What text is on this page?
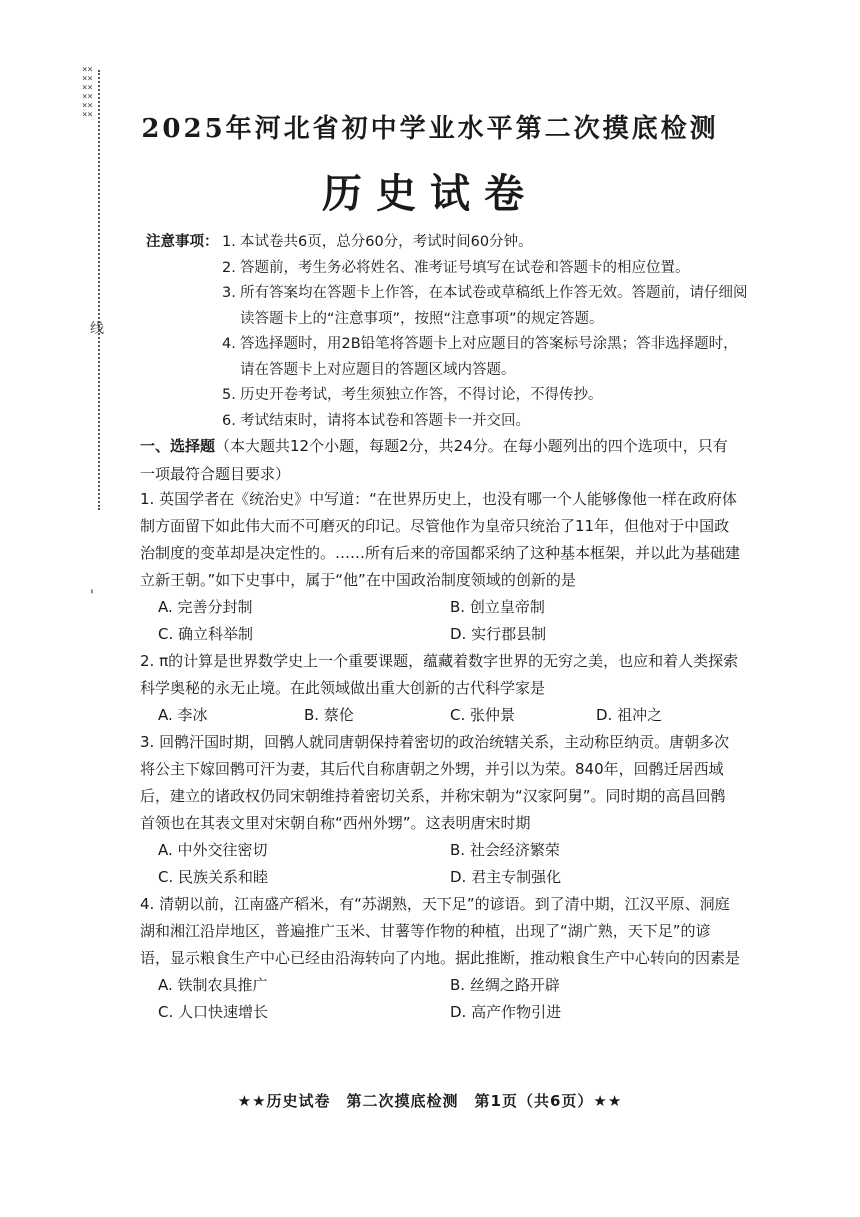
××××××××××××
线
'
2025年河北省初中学业水平第二次摸底检测
历史试卷
注意事项： 1. 本试卷共6页，总分60分，考试时间60分钟。
2. 答题前，考生务必将姓名、准考证号填写在试卷和答题卡的相应位置。
3. 所有答案均在答题卡上作答，在本试卷或草稿纸上作答无效。答题前，请仔细阅读答题卡上的“注意事项”，按照“注意事项”的规定答题。
4. 答选择题时，用2B铅笔将答题卡上对应题目的答案标号涂黑；答非选择题时，请在答题卡上对应题目的答题区域内答题。
5. 历史开卷考试，考生须独立作答，不得讨论，不得传抄。
6. 考试结束时，请将本试卷和答题卡一并交回。
一、选择题（本大题共12个小题，每题2分，共24分。在每小题列出的四个选项中，只有一项最符合题目要求）
1. 英国学者在《统治史》中写道：“在世界历史上，也没有哪一个人能够像他一样在政府体制方面留下如此伟大而不可磨灭的印记。尽管他作为皇帝只统治了11年，但他对于中国政治制度的变革却是决定性的。……所有后来的帝国都采纳了这种基本框架，并以此为基础建立新王朝。”如下史事中，属于“他”在中国政治制度领域的创新的是
A. 完善分封制	B. 创立皇帝制
C. 确立科举制	D. 实行郡县制
2. π的计算是世界数学史上一个重要课题，蕴藏着数字世界的无穷之美，也应和着人类探索科学奥秘的永无止境。在此领域做出重大创新的古代科学家是
A. 李冰	B. 蔡伦	C. 张仲景	D. 祖冲之
3. 回鹘汗国时期，回鹘人就同唐朝保持着密切的政治统辖关系，主动称臣纳贡。唐朝多次将公主下嫁回鹘可汗为妻，其后代自称唐朝之外甥，并引以为荣。840年，回鹘迁居西域后，建立的诸政权仍同宋朝维持着密切关系，并称宋朝为“汉家阿舅”。同时期的高昌回鹘首领也在其表文里对宋朝自称“西州外甥”。这表明唐宋时期
A. 中外交往密切	B. 社会经济繁荣
C. 民族关系和睦	D. 君主专制强化
4. 清朝以前，江南盛产稻米，有“苏湖熟，天下足”的谚语。到了清中期，江汉平原、洞庭湖和湘江沿岸地区，普遍推广玉米、甘薯等作物的种植，出现了“湖广熟，天下足”的谚语，显示粮食生产中心已经由沿海转向了内地。据此推断，推动粮食生产中心转向的因素是
A. 铁制农具推广	B. 丝绸之路开辟
C. 人口快速增长	D. 高产作物引进
★★历史试卷　第二次摸底检测　第1页（共6页）★★
